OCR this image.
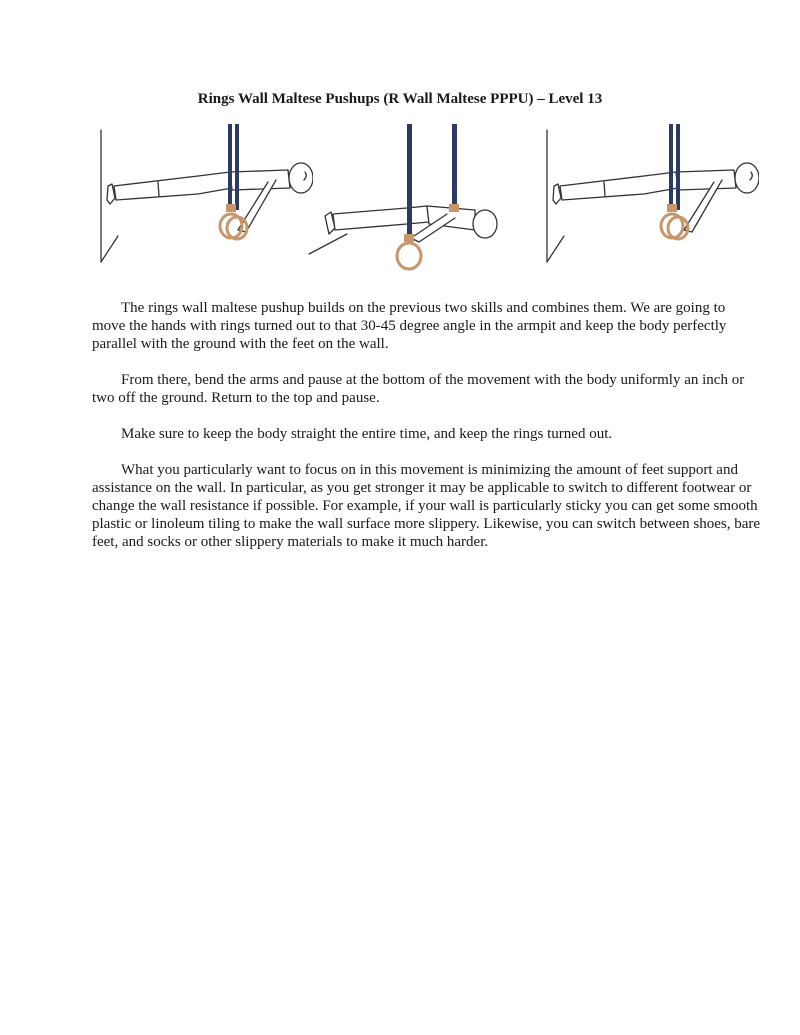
Rings Wall Maltese Pushups (R Wall Maltese PPPU) – Level 13

The rings wall maltese pushup builds on the previous two skills and combines them. We are going to move the hands with rings turned out to that 30-45 degree angle in the armpit and keep the body perfectly parallel with the ground with the feet on the wall.

From there, bend the arms and pause at the bottom of the movement with the body uniformly an inch or two off the ground. Return to the top and pause.

Make sure to keep the body straight the entire time, and keep the rings turned out.

What you particularly want to focus on in this movement is minimizing the amount of feet support and assistance on the wall. In particular, as you get stronger it may be applicable to switch to different footwear or change the wall resistance if possible. For example, if your wall is particularly sticky you can get some smooth plastic or linoleum tiling to make the wall surface more slippery. Likewise, you can switch between shoes, bare feet, and socks or other slippery materials to make it much harder.
